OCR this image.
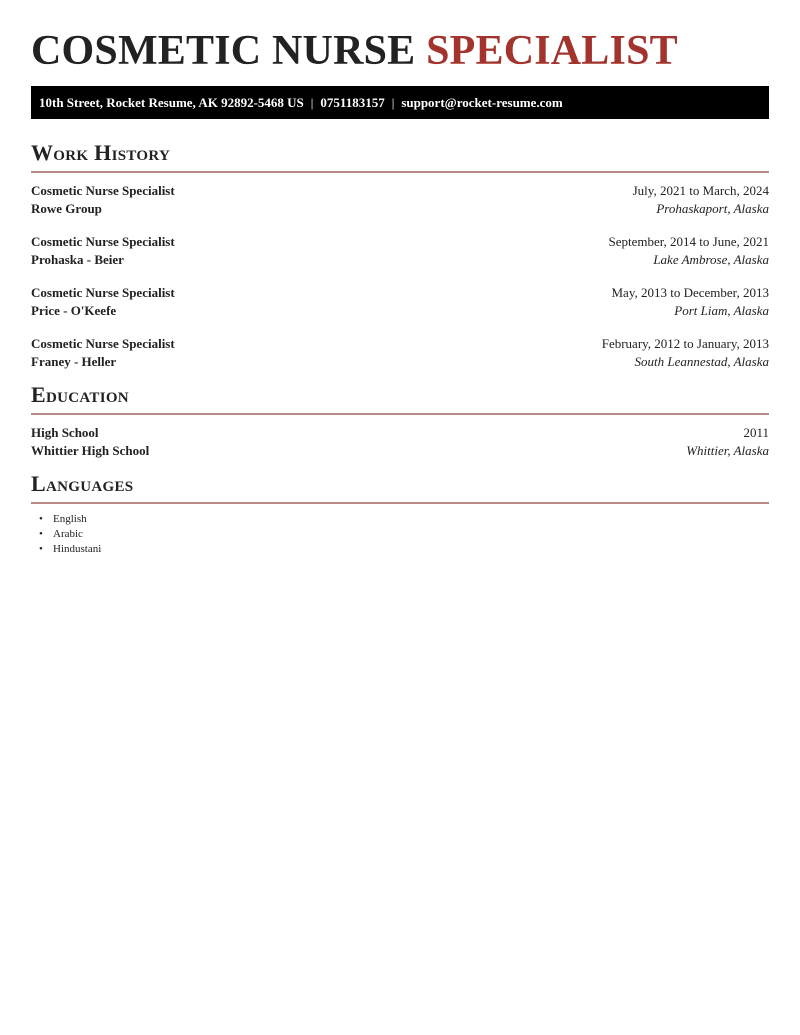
COSMETIC NURSE SPECIALIST
10th Street, Rocket Resume, AK 92892-5468 US | 0751183157 | support@rocket-resume.com
Work History
Cosmetic Nurse Specialist
Rowe Group
July, 2021 to March, 2024
Prohaskaport, Alaska
Cosmetic Nurse Specialist
Prohaska - Beier
September, 2014 to June, 2021
Lake Ambrose, Alaska
Cosmetic Nurse Specialist
Price - O'Keefe
May, 2013 to December, 2013
Port Liam, Alaska
Cosmetic Nurse Specialist
Franey - Heller
February, 2012 to January, 2013
South Leannestad, Alaska
Education
High School
Whittier High School
2011
Whittier, Alaska
Languages
• English
• Arabic
• Hindustani
